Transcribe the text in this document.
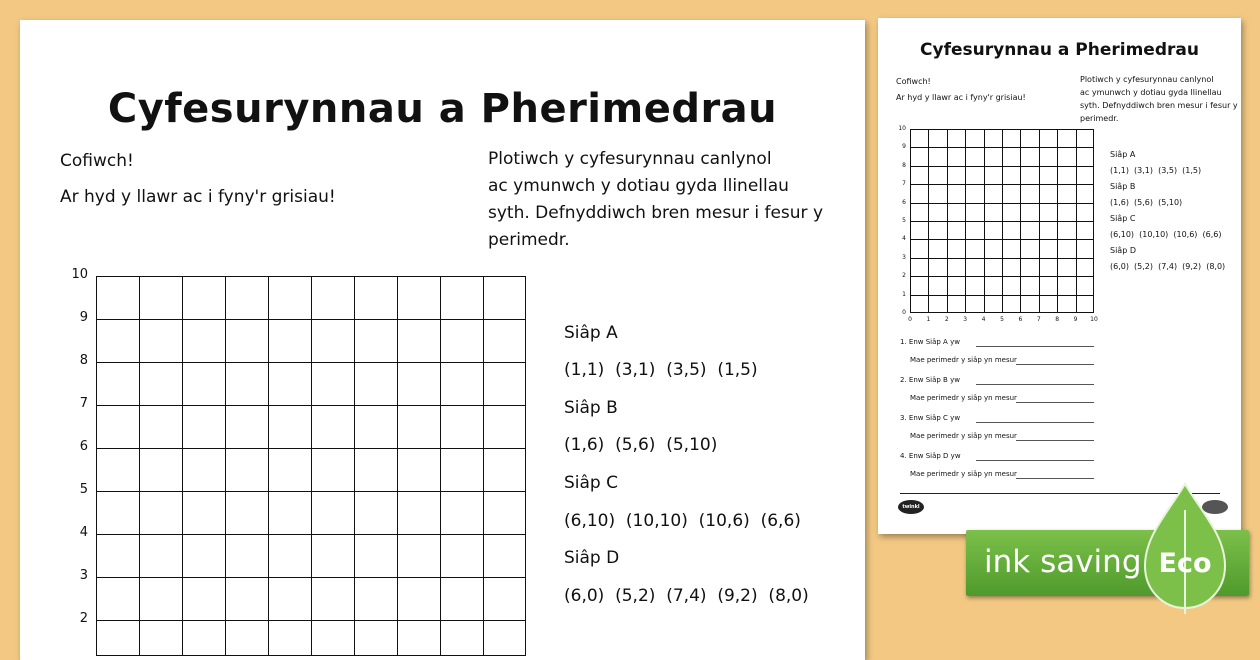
Cyfesurynnau a Pherimedrau

Cofiwch!

Ar hyd y llawr ac i fyny'r grisiau!

Plotiwch y cyfesurynnau canlynol

ac ymunwch y dotiau gyda llinellau

syth. Defnyddiwch bren mesur i fesur y

perimedr.

Siâp A

(1,1)  (3,1)  (3,5)  (1,5)

Siâp B

(1,6)  (5,6)  (5,10)

Siâp C

(6,10)  (10,10)  (10,6)  (6,6)

Siâp D

(6,0)  (5,2)  (7,4)  (9,2)  (8,0)

10
9
8
7
6
5
4
3
2
Cyfesurynnau a Pherimedrau

Cofiwch!

Ar hyd y llawr ac i fyny'r grisiau!

Plotiwch y cyfesurynnau canlynol

ac ymunwch y dotiau gyda llinellau

syth. Defnyddiwch bren mesur i fesur y

perimedr.

Siâp A

(1,1)  (3,1)  (3,5)  (1,5)

Siâp B

(1,6)  (5,6)  (5,10)

Siâp C

(6,10)  (10,10)  (10,6)  (6,6)

Siâp D

(6,0)  (5,2)  (7,4)  (9,2)  (8,0)

1. Enw Siâp A yw
Mae perimedr y siâp yn mesur
2. Enw Siâp B yw
Mae perimedr y siâp yn mesur
3. Enw Siâp C yw
Mae perimedr y siâp yn mesur
4. Enw Siâp D yw
Mae perimedr y siâp yn mesur
twinkl
0
0
1
1
2
2
3
3
4
4
5
5
6
6
7
7
8
8
9
9
10
10
ink saving Eco
